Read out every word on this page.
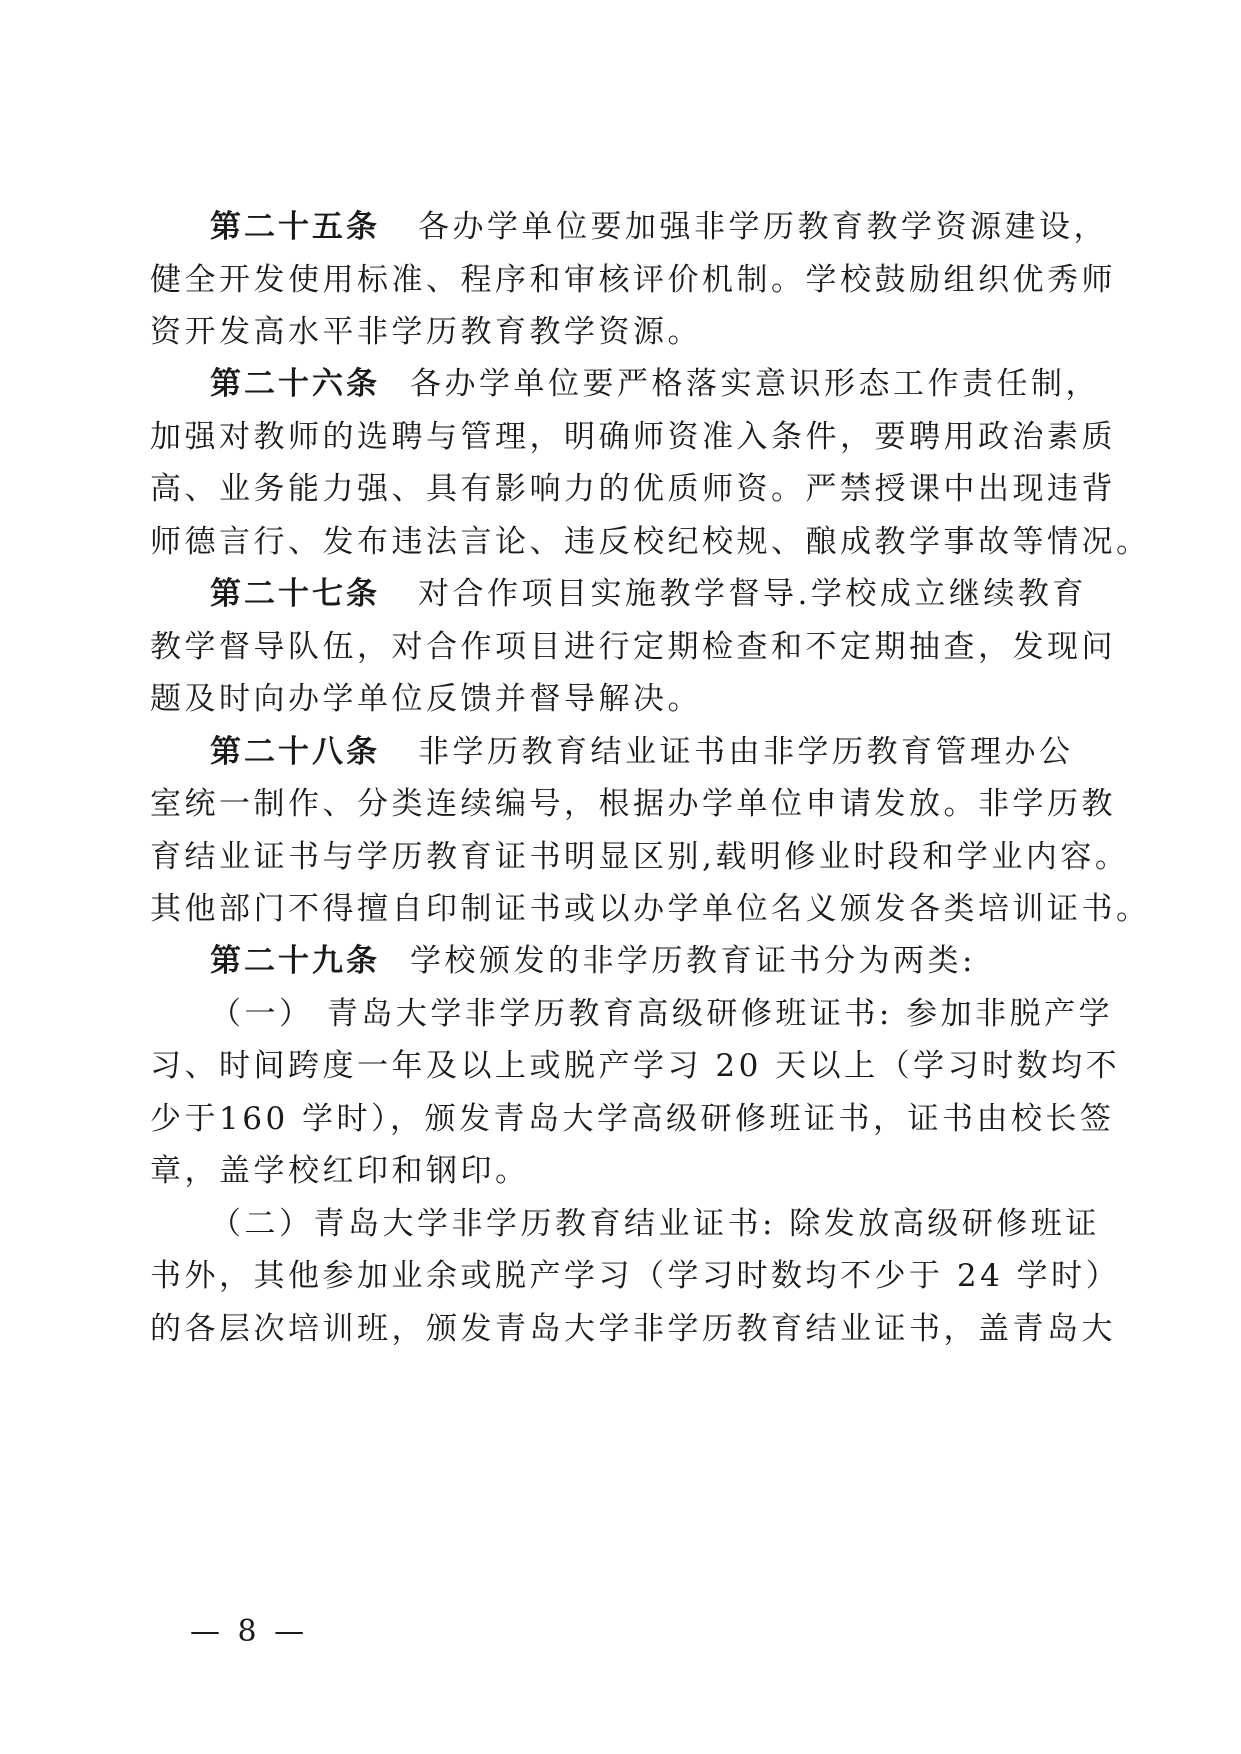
第二十五条 各办学单位要加强非学历教育教学资源建设，
健全开发使用标准、程序和审核评价机制。学校鼓励组织优秀师
资开发高水平非学历教育教学资源。
第二十六条 各办学单位要严格落实意识形态工作责任制，
加强对教师的选聘与管理，明确师资准入条件，要聘用政治素质
高、业务能力强、具有影响力的优质师资。严禁授课中出现违背
师德言行、发布违法言论、违反校纪校规、酿成教学事故等情况。
第二十七条 对合作项目实施教学督导.学校成立继续教育
教学督导队伍，对合作项目进行定期检查和不定期抽查，发现问
题及时向办学单位反馈并督导解决。
第二十八条 非学历教育结业证书由非学历教育管理办公
室统一制作、分类连续编号，根据办学单位申请发放。非学历教
育结业证书与学历教育证书明显区别,载明修业时段和学业内容。
其他部门不得擅自印制证书或以办学单位名义颁发各类培训证书。
第二十九条 学校颁发的非学历教育证书分为两类:
（一） 青岛大学非学历教育高级研修班证书: 参加非脱产学
习、时间跨度一年及以上或脱产学习 20 天以上（学习时数均不
少于160 学时），颁发青岛大学高级研修班证书，证书由校长签
章，盖学校红印和钢印。
（二）青岛大学非学历教育结业证书: 除发放高级研修班证
书外，其他参加业余或脱产学习（学习时数均不少于 24 学时）
的各层次培训班，颁发青岛大学非学历教育结业证书，盖青岛大
— 8 —
